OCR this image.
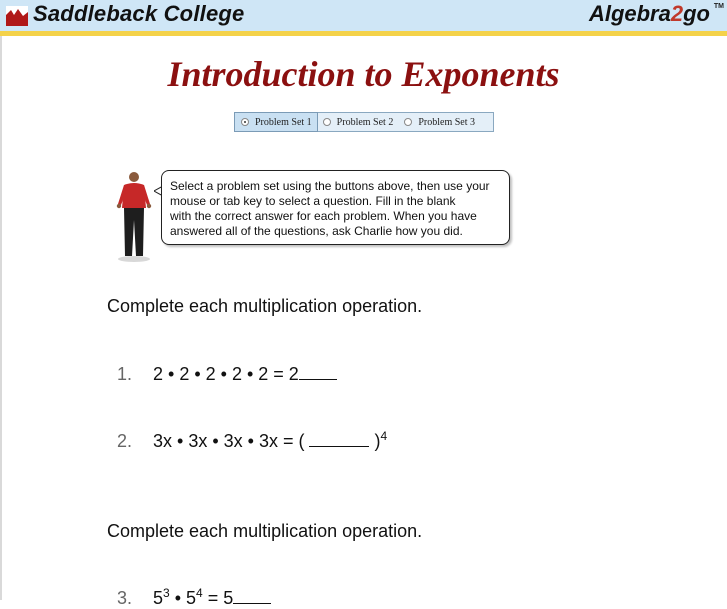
Saddleback College	Algebra2go TM
Introduction to Exponents
Problem Set 1	Problem Set 2	Problem Set 3
Select a problem set using the buttons above, then use your
mouse or tab key to select a question. Fill in the blank
with the correct answer for each problem. When you have
answered all of the questions, ask Charlie how you did.
Complete each multiplication operation.
1. 2 • 2 • 2 • 2 • 2 = 2
2. 3x • 3x • 3x • 3x = (	)$^4$
Complete each multiplication operation.
3. $5^3$ • $5^4 = 5$
